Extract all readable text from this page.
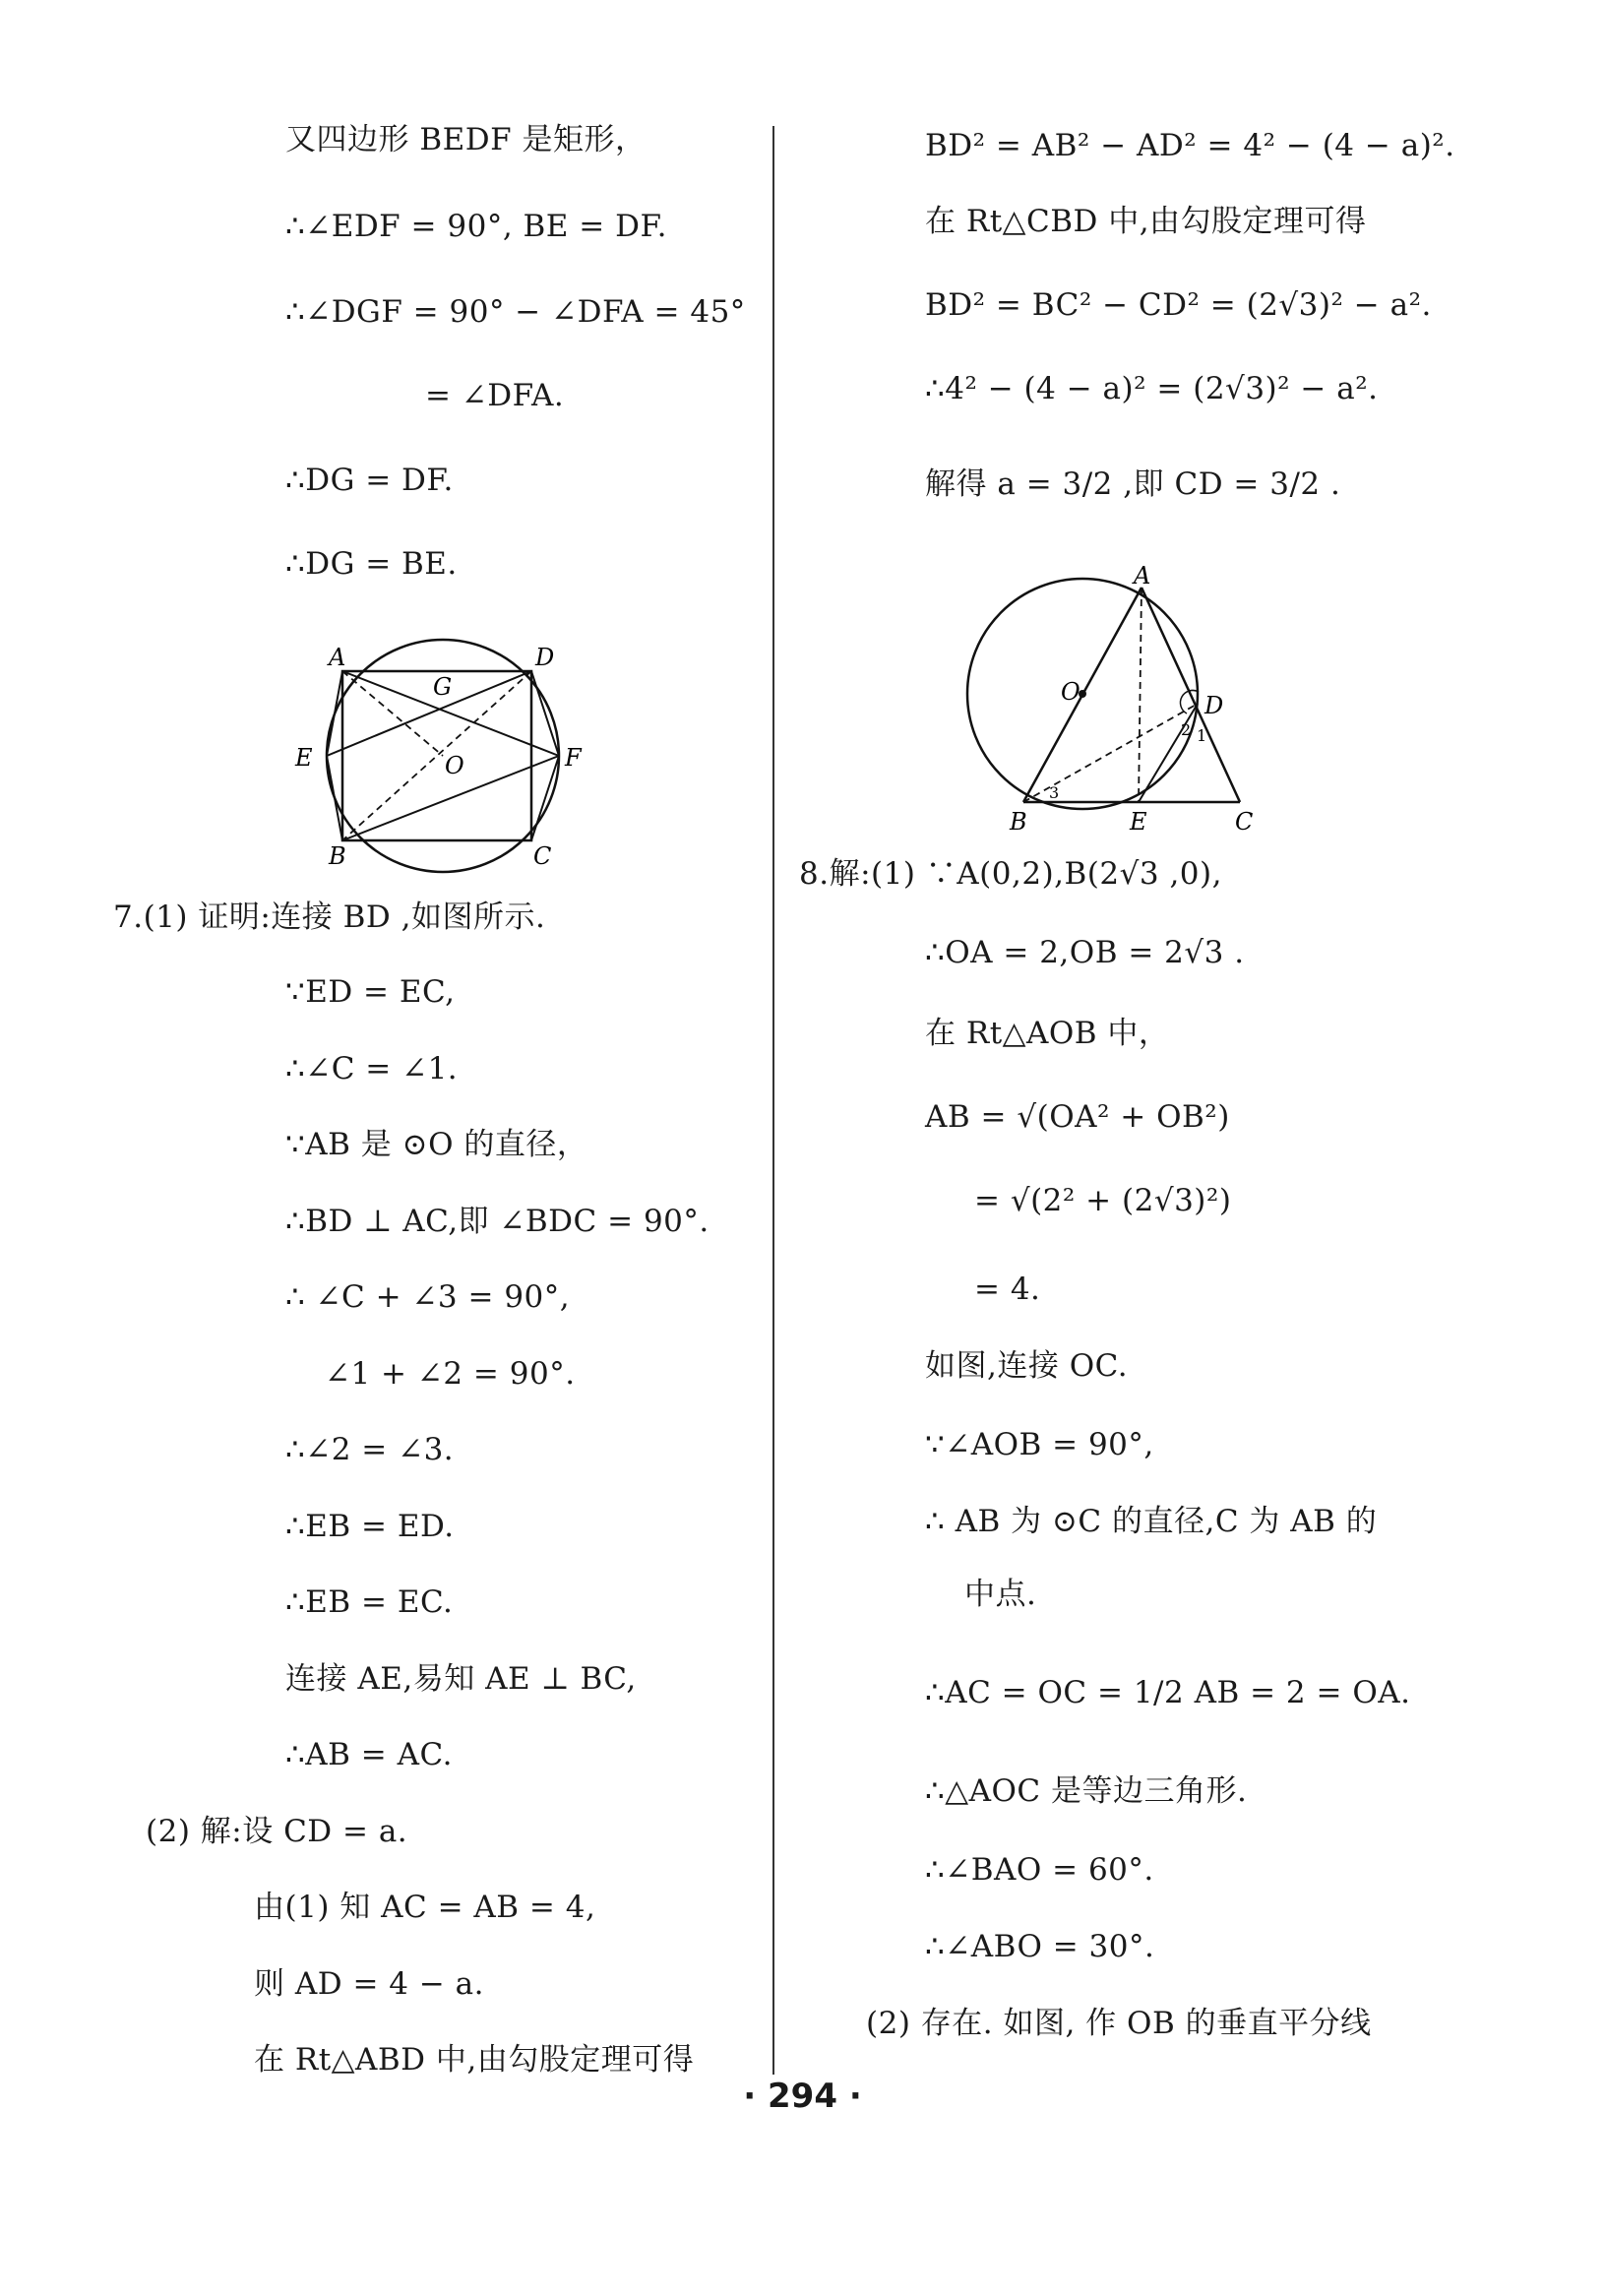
又四边形 BEDF 是矩形，
∴∠EDF = 90°, BE = DF.
∴∠DGF = 90° − ∠DFA = 45°
= ∠DFA.
∴DG = DF.
∴DG = BE.
A	D
G
E	O	F
B	C
7.(1) 证明:连接 BD ,如图所示.
∵ED = EC,
∴∠C = ∠1.
∵AB 是 ⊙O 的直径，
∴BD ⊥ AC,即 ∠BDC = 90°.
∴ ∠C + ∠3 = 90°,
∠1 + ∠2 = 90°.
∴∠2 = ∠3.
∴EB = ED.
∴EB = EC.
连接 AE,易知 AE ⊥ BC,
∴AB = AC.
(2) 解:设 CD = a.
由(1) 知 AC = AB = 4,
则 AD = 4 − a.
在 Rt△ABD 中,由勾股定理可得
BD² = AB² − AD² = 4² − (4 − a)².
在 Rt△CBD 中,由勾股定理可得
BD² = BC² − CD² = (2√3)² − a².
∴4² − (4 − a)² = (2√3)² − a².
解得 a = 3/2 ,即 CD = 3/2 .
A
O	D
B	E	C
1
2
3
8.解:(1) ∵A(0,2),B(2√3 ,0),
∴OA = 2,OB = 2√3 .
在 Rt△AOB 中，
AB = √(OA² + OB²)
= √(2² + (2√3)²)
= 4.
如图,连接 OC.
∵∠AOB = 90°,
∴ AB 为 ⊙C 的直径,C 为 AB 的
中点.
∴AC = OC = 1/2 AB = 2 = OA.
∴△AOC 是等边三角形.
∴∠BAO = 60°.
∴∠ABO = 30°.
(2) 存在. 如图, 作 OB 的垂直平分线
· 294 ·
